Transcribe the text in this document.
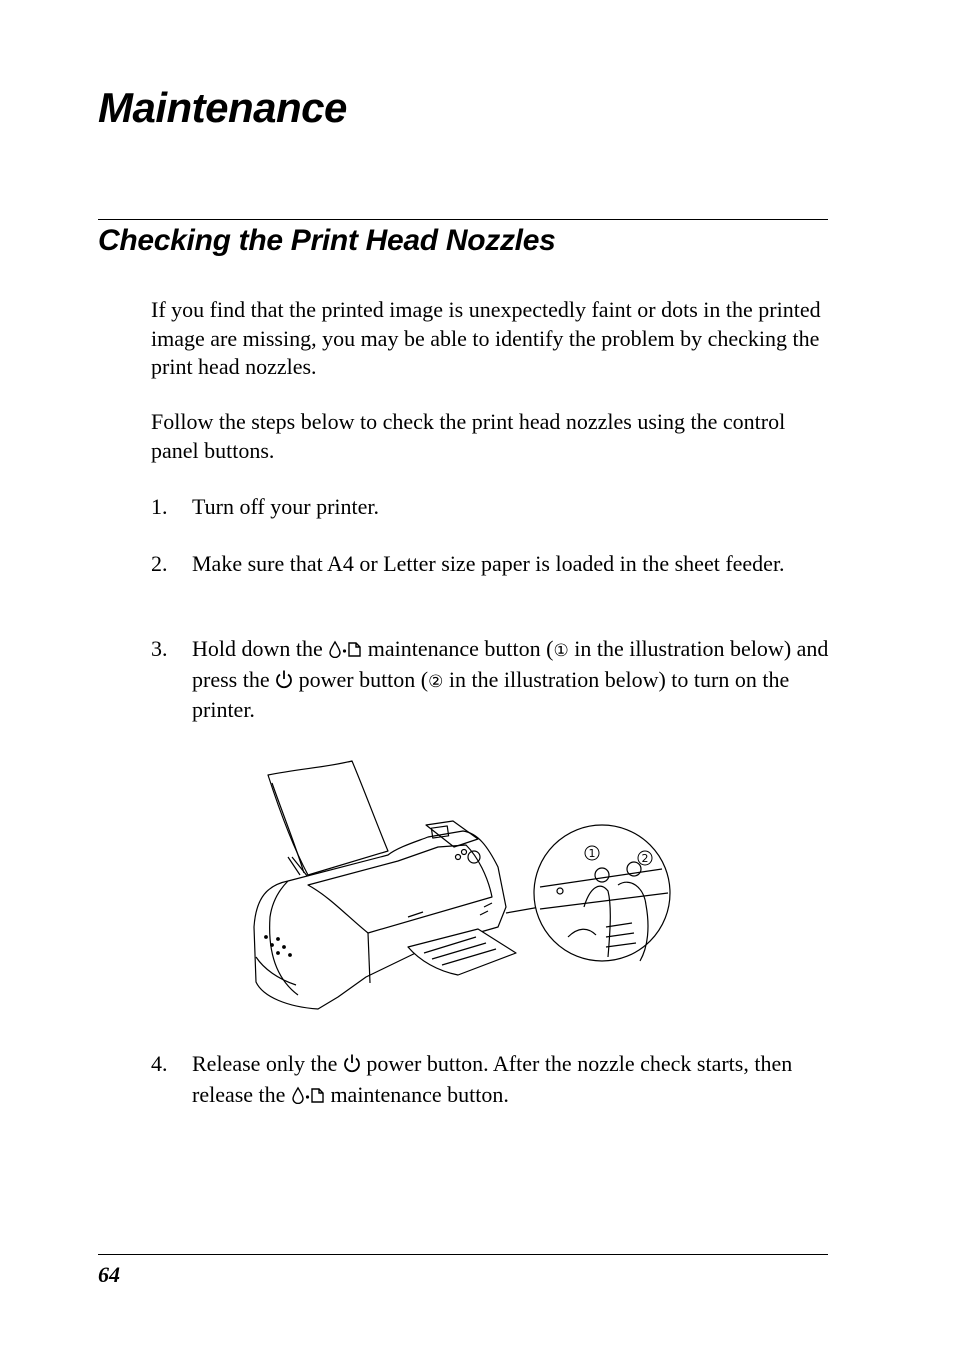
Maintenance
Checking the Print Head Nozzles

If you find that the printed image is unexpectedly faint or dots in the printed image are missing, you may be able to identify the problem by checking the print head nozzles.

Follow the steps below to check the print head nozzles using the control panel buttons.

1. Turn off your printer.
2. Make sure that A4 or Letter size paper is loaded in the sheet feeder.
3. Hold down the maintenance button (① in the illustration below) and press the power button (② in the illustration below) to turn on the printer.
1	2
4. Release only the power button. After the nozzle check starts, then release the maintenance button.
64
